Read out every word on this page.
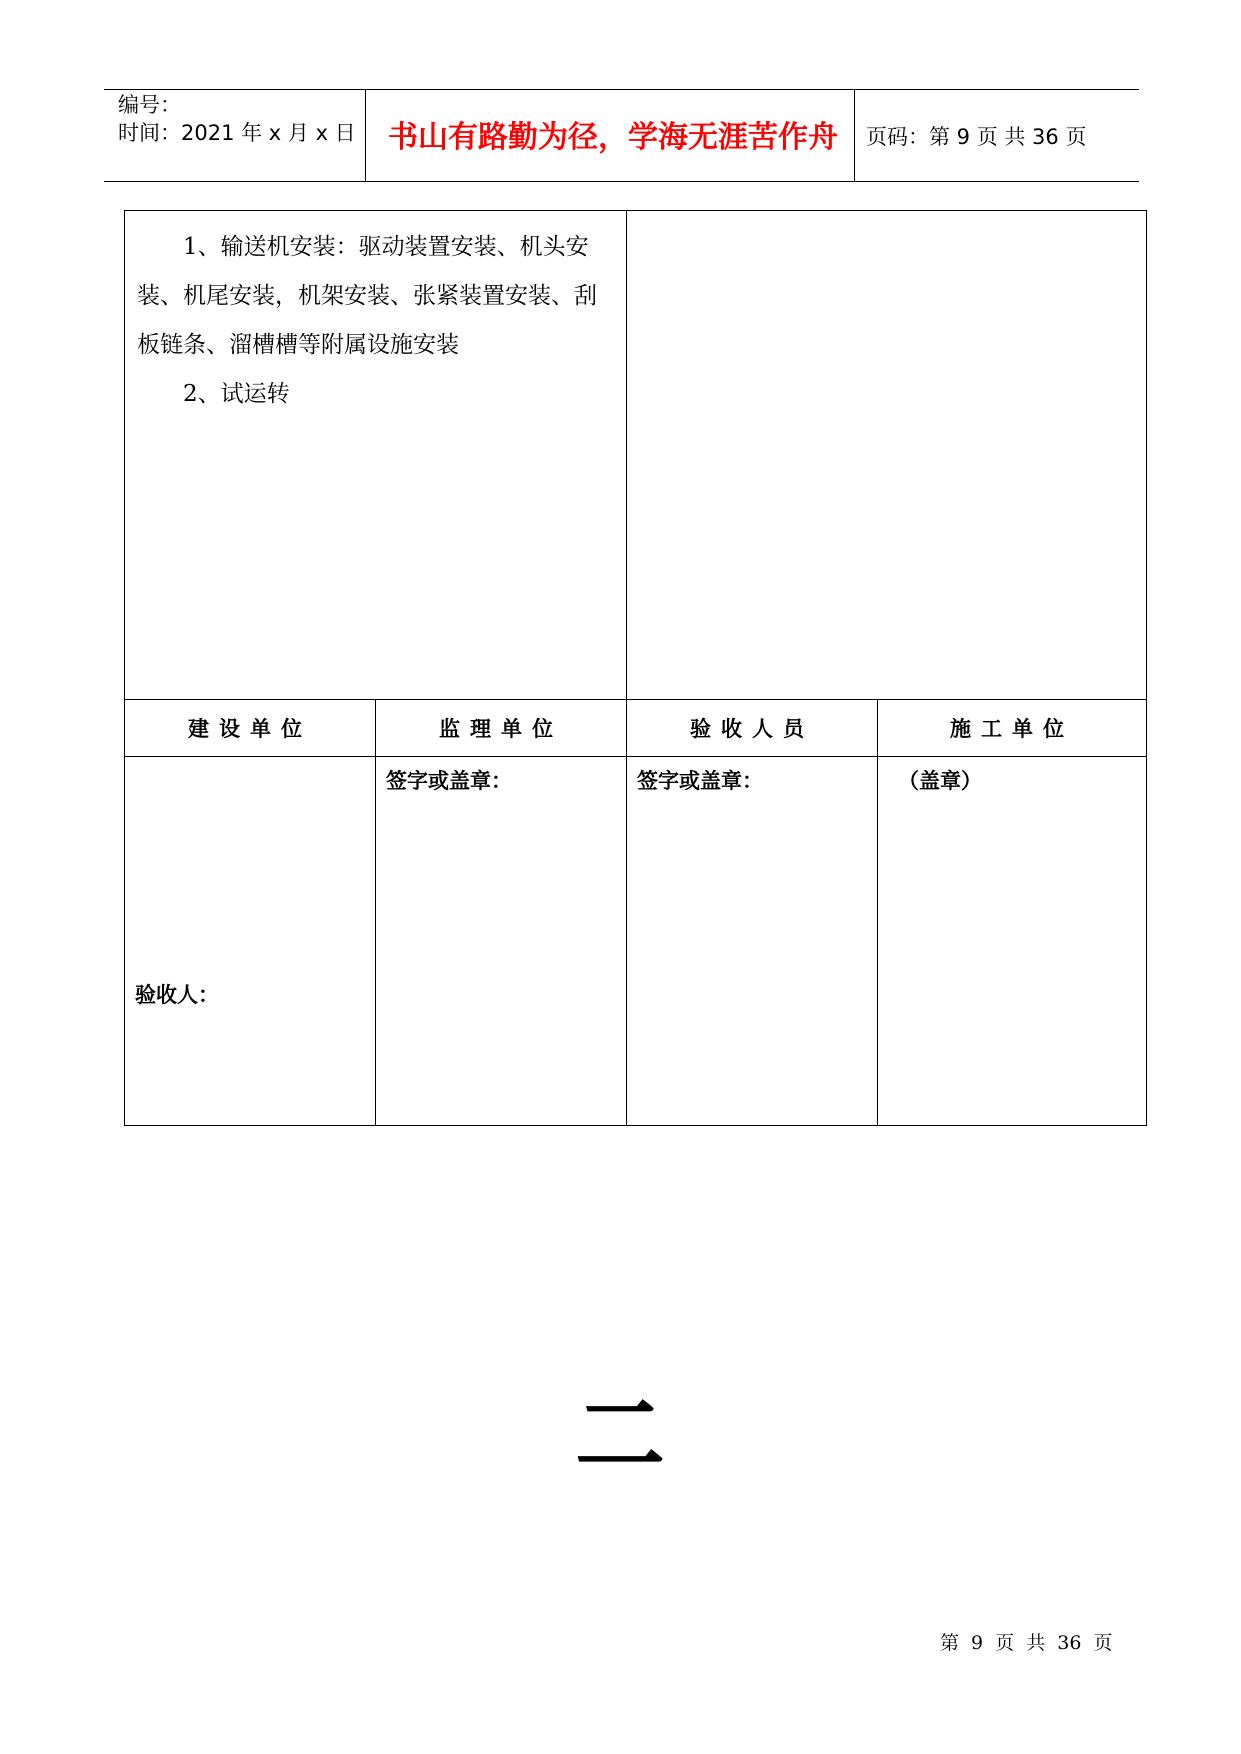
编号：
时间：2021 年 x 月 x 日	书山有路勤为径，学海无涯苦作舟	页码：第 9 页 共 36 页

1、输送机安装：驱动装置安装、机头安装、机尾安装，机架安装、张紧装置安装、刮板链条、溜槽槽等附属设施安装

2、试运转			

建设单位	监理单位	验收人员	施工单位

验收人：	签字或盖章：	签字或盖章：	（盖章）
二
第 9 页 共 36 页
